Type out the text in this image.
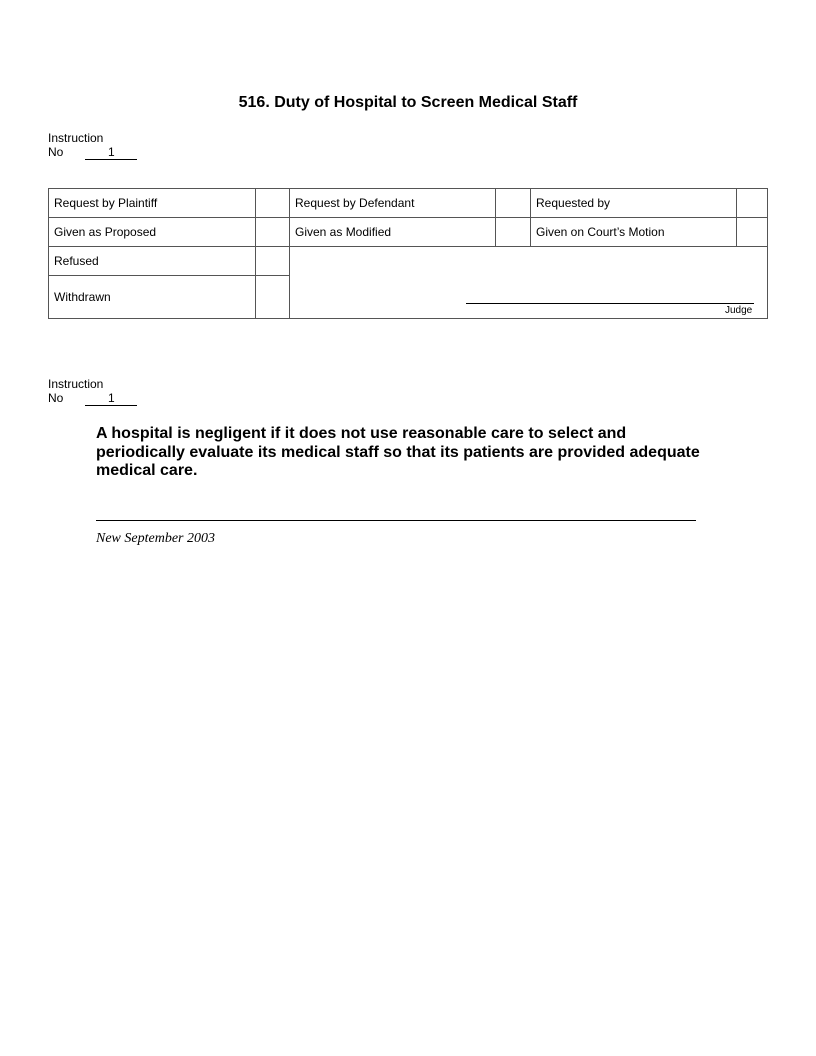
516. Duty of Hospital to Screen Medical Staff
Instruction
No	1
Request by Plaintiff	Request by Defendant	Requested by
Given as Proposed	Given as Modified	Given on Court’s Motion
Refused
Withdrawn
Judge
Instruction
No	1
A hospital is negligent if it does not use reasonable care to select and periodically evaluate its medical staff so that its patients are provided adequate medical care.
New September 2003
